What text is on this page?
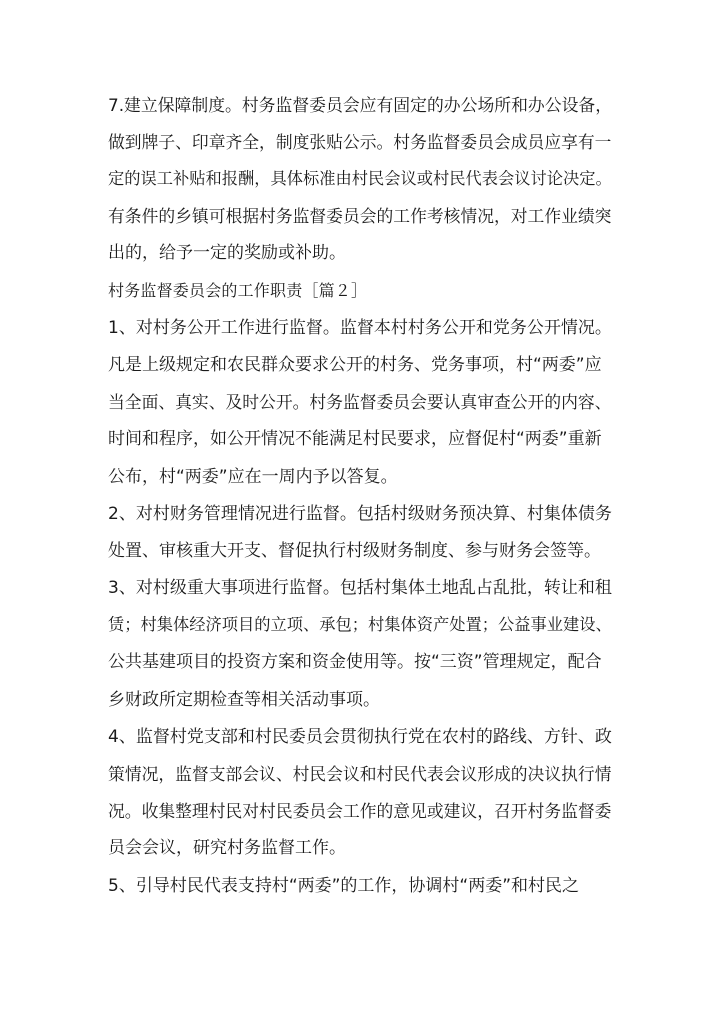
7.建立保障制度。村务监督委员会应有固定的办公场所和办公设备，
做到牌子、印章齐全，制度张贴公示。村务监督委员会成员应享有一
定的误工补贴和报酬，具体标准由村民会议或村民代表会议讨论决定。
有条件的乡镇可根据村务监督委员会的工作考核情况，对工作业绩突
出的，给予一定的奖励或补助。
村务监督委员会的工作职责［篇２］
1、对村务公开工作进行监督。监督本村村务公开和党务公开情况。
凡是上级规定和农民群众要求公开的村务、党务事项，村“两委”应
当全面、真实、及时公开。村务监督委员会要认真审查公开的内容、
时间和程序，如公开情况不能满足村民要求，应督促村“两委”重新
公布，村“两委”应在一周内予以答复。
2、对村财务管理情况进行监督。包括村级财务预决算、村集体债务
处置、审核重大开支、督促执行村级财务制度、参与财务会签等。
3、对村级重大事项进行监督。包括村集体土地乱占乱批，转让和租
赁；村集体经济项目的立项、承包；村集体资产处置；公益事业建设、
公共基建项目的投资方案和资金使用等。按“三资”管理规定，配合
乡财政所定期检查等相关活动事项。
4、监督村党支部和村民委员会贯彻执行党在农村的路线、方针、政
策情况，监督支部会议、村民会议和村民代表会议形成的决议执行情
况。收集整理村民对村民委员会工作的意见或建议，召开村务监督委
员会会议，研究村务监督工作。
5、引导村民代表支持村“两委”的工作，协调村“两委”和村民之
